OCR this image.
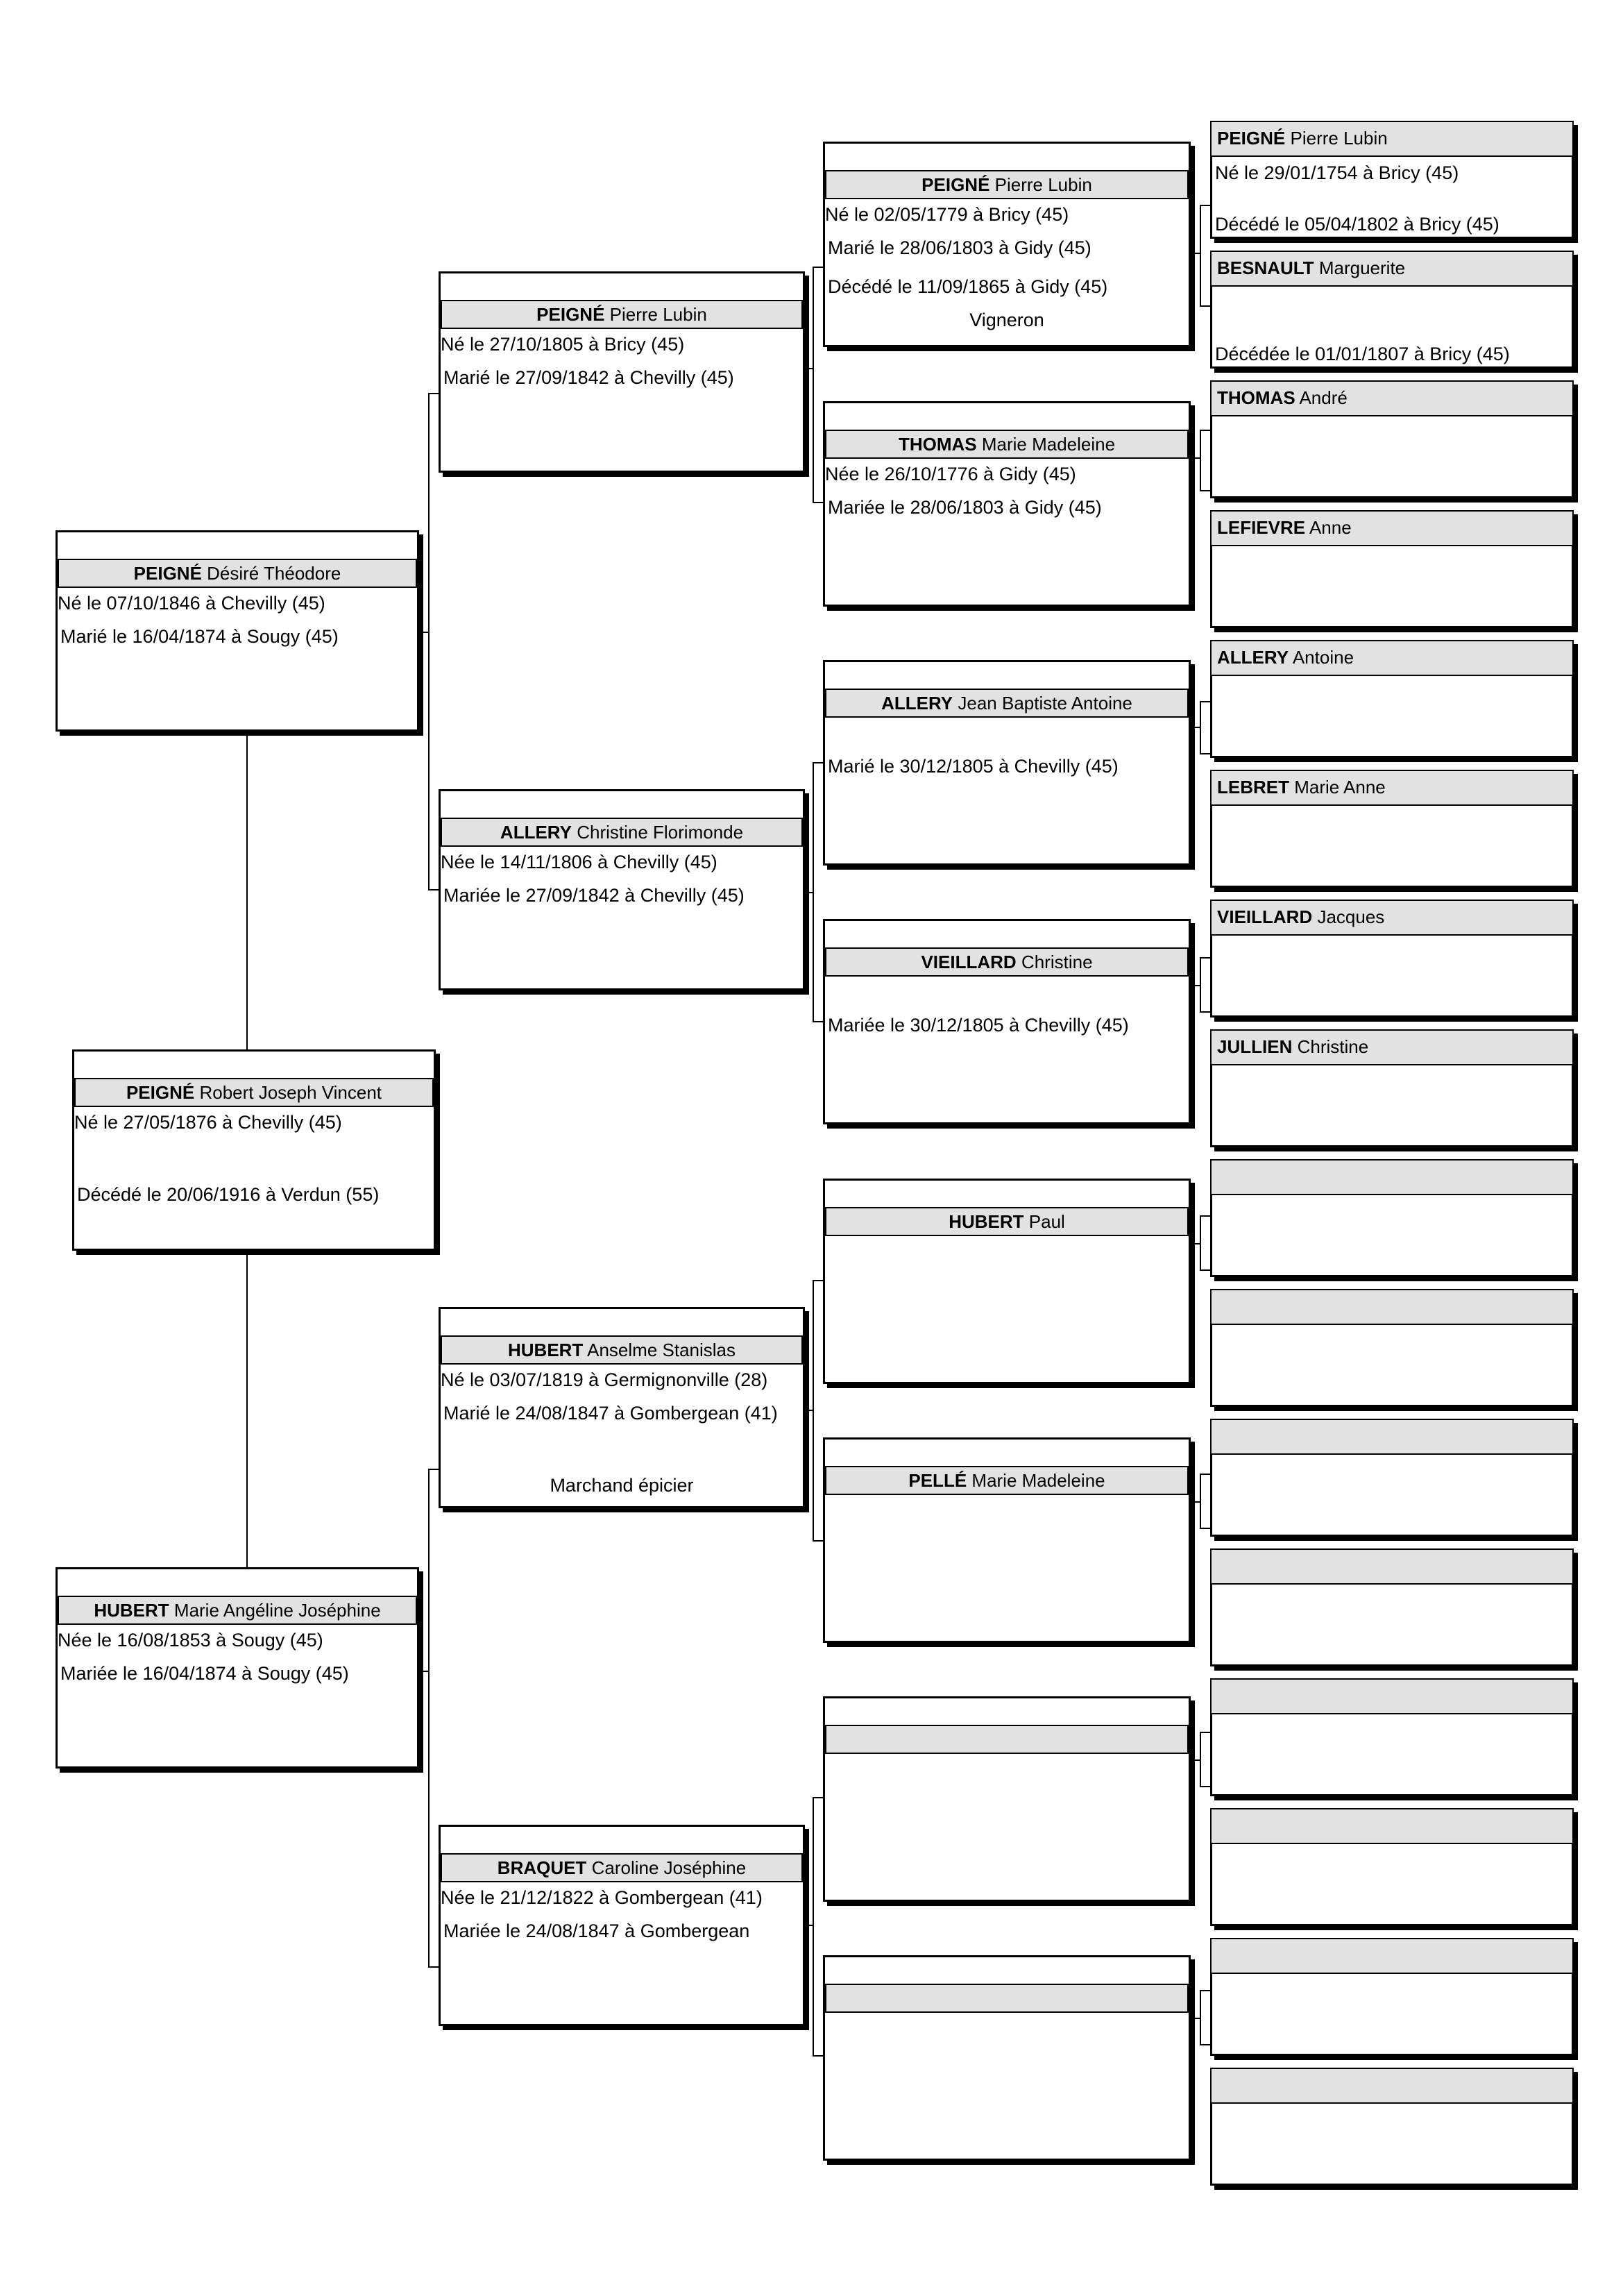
PEIGNÉ Robert Joseph Vincent
Né le 27/05/1876 à Chevilly (45)
Décédé le 20/06/1916 à Verdun (55)
PEIGNÉ Désiré Théodore
Né le 07/10/1846 à Chevilly (45)
Marié le 16/04/1874 à Sougy (45)
HUBERT Marie Angéline Joséphine
Née le 16/08/1853 à Sougy (45)
Mariée le 16/04/1874 à Sougy (45)
PEIGNÉ Pierre Lubin
Né le 27/10/1805 à Bricy (45)
Marié le 27/09/1842 à Chevilly (45)
ALLERY Christine Florimonde
Née le 14/11/1806 à Chevilly (45)
Mariée le 27/09/1842 à Chevilly (45)
HUBERT Anselme Stanislas
Né le 03/07/1819 à Germignonville (28)
Marié le 24/08/1847 à Gombergean (41)
Marchand épicier
BRAQUET Caroline Joséphine
Née le 21/12/1822 à Gombergean (41)
Mariée le 24/08/1847 à Gombergean
PEIGNÉ Pierre Lubin
Né le 02/05/1779 à Bricy (45)
Marié le 28/06/1803 à Gidy (45)
Décédé le 11/09/1865 à Gidy (45)
Vigneron
THOMAS Marie Madeleine
Née le 26/10/1776 à Gidy (45)
Mariée le 28/06/1803 à Gidy (45)
ALLERY Jean Baptiste Antoine
Marié le 30/12/1805 à Chevilly (45)
VIEILLARD Christine
Mariée le 30/12/1805 à Chevilly (45)
HUBERT Paul
PELLÉ Marie Madeleine
PEIGNÉ Pierre Lubin
Né le 29/01/1754 à Bricy (45)
Décédé le 05/04/1802 à Bricy (45)
BESNAULT Marguerite
Décédée le 01/01/1807 à Bricy (45)
THOMAS André
LEFIEVRE Anne
ALLERY Antoine
LEBRET Marie Anne
VIEILLARD Jacques
JULLIEN Christine
